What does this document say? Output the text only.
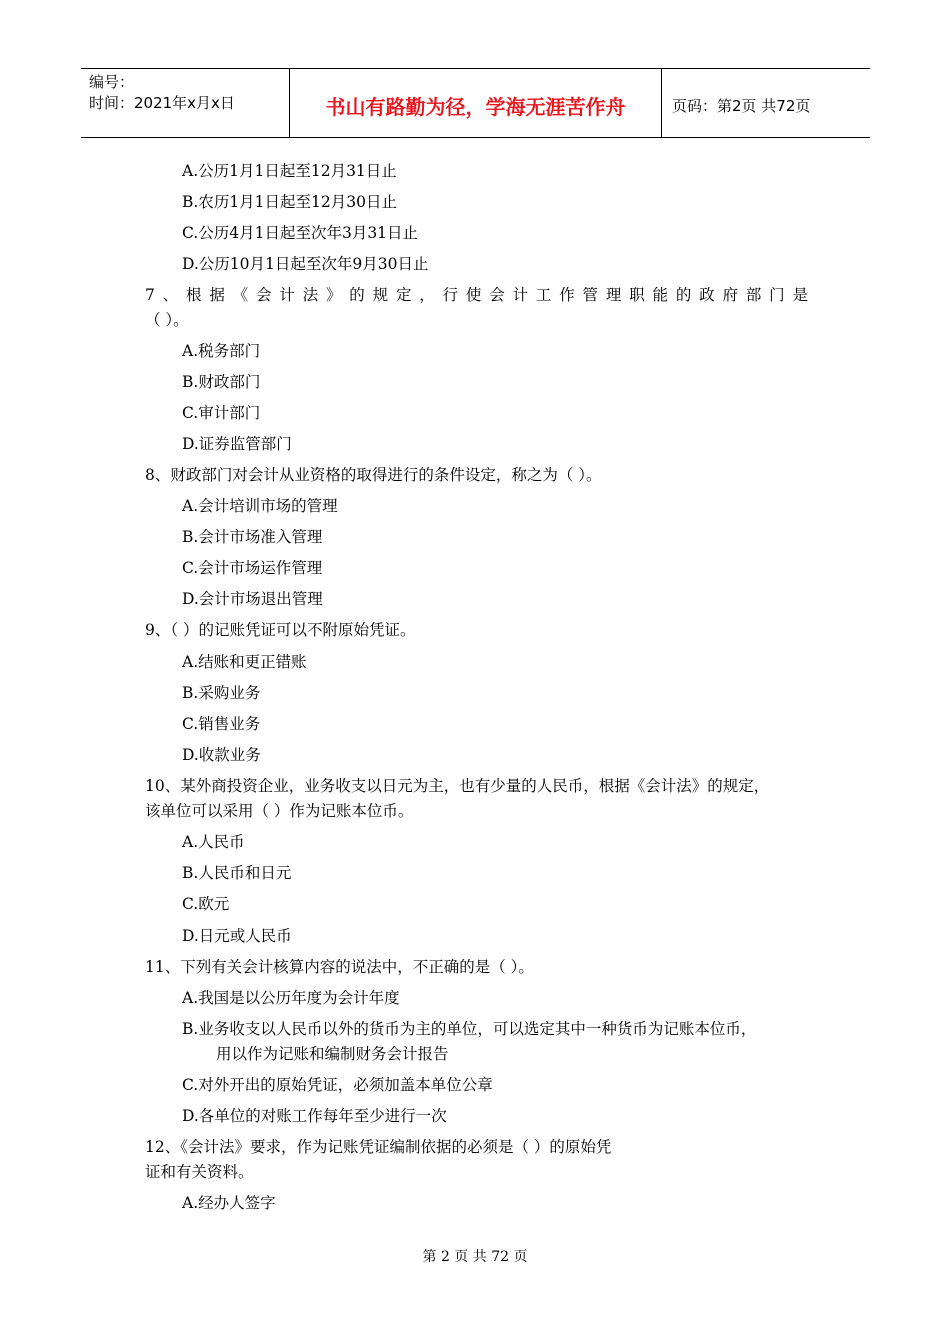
编号：
时间：2021年x月x日	书山有路勤为径，学海无涯苦作舟	页码：第2页 共72页
A.公历1月1日起至12月31日止
B.农历1月1日起至12月30日止
C.公历4月1日起至次年3月31日止
D.公历10月1日起至次年9月30日止
7、根据《会计法》的规定，行使会计工作管理职能的政府部门是
（ ）。
A.税务部门
B.财政部门
C.审计部门
D.证券监管部门
8、财政部门对会计从业资格的取得进行的条件设定，称之为（ ）。
A.会计培训市场的管理
B.会计市场准入管理
C.会计市场运作管理
D.会计市场退出管理
9、（ ）的记账凭证可以不附原始凭证。
A.结账和更正错账
B.采购业务
C.销售业务
D.收款业务
10、某外商投资企业，业务收支以日元为主，也有少量的人民币，根据《会计法》的规定，
该单位可以采用（ ）作为记账本位币。
A.人民币
B.人民币和日元
C.欧元
D.日元或人民币
11、下列有关会计核算内容的说法中，不正确的是（ ）。
A.我国是以公历年度为会计年度
B.业务收支以人民币以外的货币为主的单位，可以选定其中一种货币为记账本位币，
用以作为记账和编制财务会计报告
C.对外开出的原始凭证，必须加盖本单位公章
D.各单位的对账工作每年至少进行一次
12、《会计法》要求，作为记账凭证编制依据的必须是（ ）的原始凭
证和有关资料。
A.经办人签字
第 2 页 共 72 页
